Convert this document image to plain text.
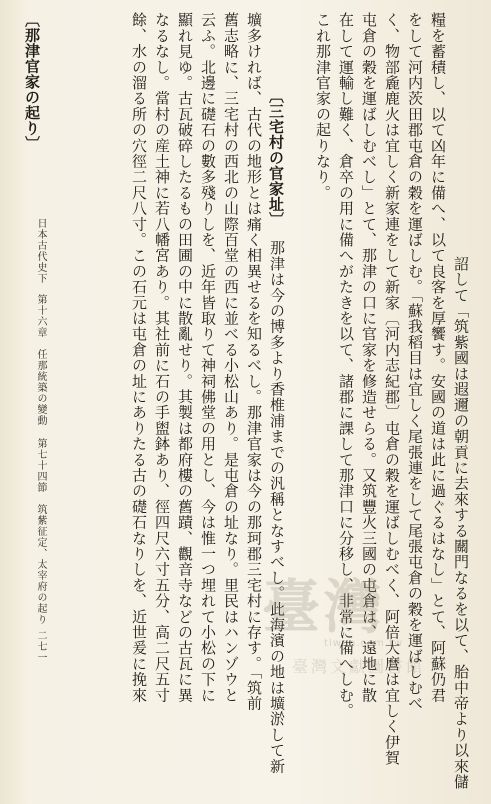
〔那津官家の起り〕
　詔して「筑紫國は遐邇の朝貢に去來する關門なるを以て、胎中帝より以來儲
糧を蓄積し、以て凶年に備へ、以て良客を厚饗す。安國の道は此に過ぐるはなし」とて、阿蘇仍君
をして河内茨田郡屯倉の穀を運ばしむ。「蘇我稻目は宜しく尾張連をして尾張屯倉の穀を運ばしむべ
く、物部麁鹿火は宜しく新家連をして新家〔河内志紀郡〕屯倉の穀を運ばしむべく、阿倍大麿は宜しく伊賀
屯倉の穀を運ばしむべし」とて、那津の口に官家を修造せらる。又筑豐火三國の屯倉は、遠地に散
在して運輸し難く、倉卒の用に備へがたきを以て、諸郡に課して那津口に分移し、非常に備へしむ。
これ那津官家の起りなり。
〔三宅村の官家址〕
那津は今の博多より香椎浦までの汎稱となすべし。此海濱の地は壙淤して新
壙多ければ、古代の地形とは痛く相異せるを知るべし。那津官家は今の那珂郡三宅村に存す。「筑前
舊志略に、三宅村の西北の山際百堂の西に並べる小松山あり。是屯倉の址なり。里民はハンゾウと
云ふ。北邊に礎石の數多殘りしを、近年皆取りて神祠佛堂の用とし、今は惟一つ埋れて小松の下に
顯れ見ゆ。古瓦破碎したるもの田圃の中に散亂せり。其製は都府樓の舊蹟、觀音寺などの古瓦に異
なるなし。當村の産土神に若八幡宮あり。其社前に石の手盥鉢あり、徑四尺六寸五分、高二尺五寸
餘、水の溜る所の穴徑二尺八寸。この石元は屯倉の址にありたる古の礎石なりしを、近世爰に挽來
日本古代史下
第十六章　任那統築の變動
第七十四節　筑紫征定、太宰府の起り
二七一
臺灣
tiwan.com.tw
臺灣文獻圖書館
